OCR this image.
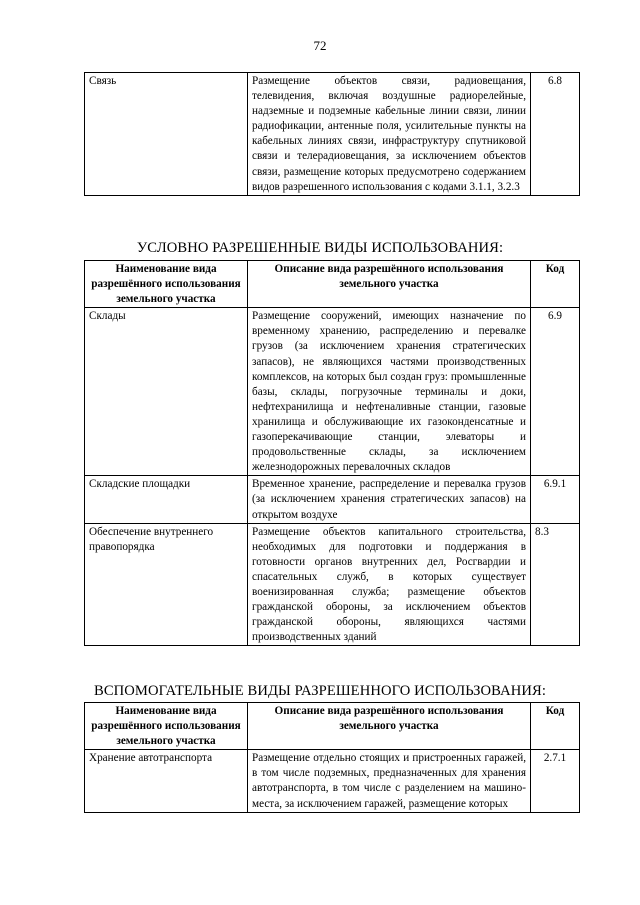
72
Связь	Размещение объектов связи, радиовещания, телевидения, включая воздушные радиорелейные, надземные и подземные кабельные линии связи, линии радиофикации, антенные поля, усилительные пункты на кабельных линиях связи, инфраструктуру спутниковой связи и телерадиовещания, за исключением объектов связи, размещение которых предусмотрено содержанием видов разрешенного использования с кодами 3.1.1, 3.2.3	6.8
УСЛОВНО РАЗРЕШЕННЫЕ ВИДЫ ИСПОЛЬЗОВАНИЯ:
Наименование вида разрешённого использования земельного участка	Описание вида разрешённого использования земельного участка	Код
Склады	Размещение сооружений, имеющих назначение по временному хранению, распределению и перевалке грузов (за исключением хранения стратегических запасов), не являющихся частями производственных комплексов, на которых был создан груз: промышленные базы, склады, погрузочные терминалы и доки, нефтехранилища и нефтеналивные станции, газовые хранилища и обслуживающие их газоконденсатные и газоперекачивающие станции, элеваторы и продовольственные склады, за исключением железнодорожных перевалочных складов	6.9
Складские площадки	Временное хранение, распределение и перевалка грузов (за исключением хранения стратегических запасов) на открытом воздухе	6.9.1
Обеспечение внутреннего правопорядка	Размещение объектов капитального строительства, необходимых для подготовки и поддержания в готовности органов внутренних дел, Росгвардии и спасательных служб, в которых существует военизированная служба; размещение объектов гражданской обороны, за исключением объектов гражданской обороны, являющихся частями производственных зданий	8.3
ВСПОМОГАТЕЛЬНЫЕ ВИДЫ РАЗРЕШЕННОГО ИСПОЛЬЗОВАНИЯ:
Наименование вида разрешённого использования земельного участка	Описание вида разрешённого использования земельного участка	Код
Хранение автотранспорта	Размещение отдельно стоящих и пристроенных гаражей, в том числе подземных, предназначенных для хранения автотранспорта, в том числе с разделением на машино-места, за исключением гаражей, размещение которых	2.7.1
